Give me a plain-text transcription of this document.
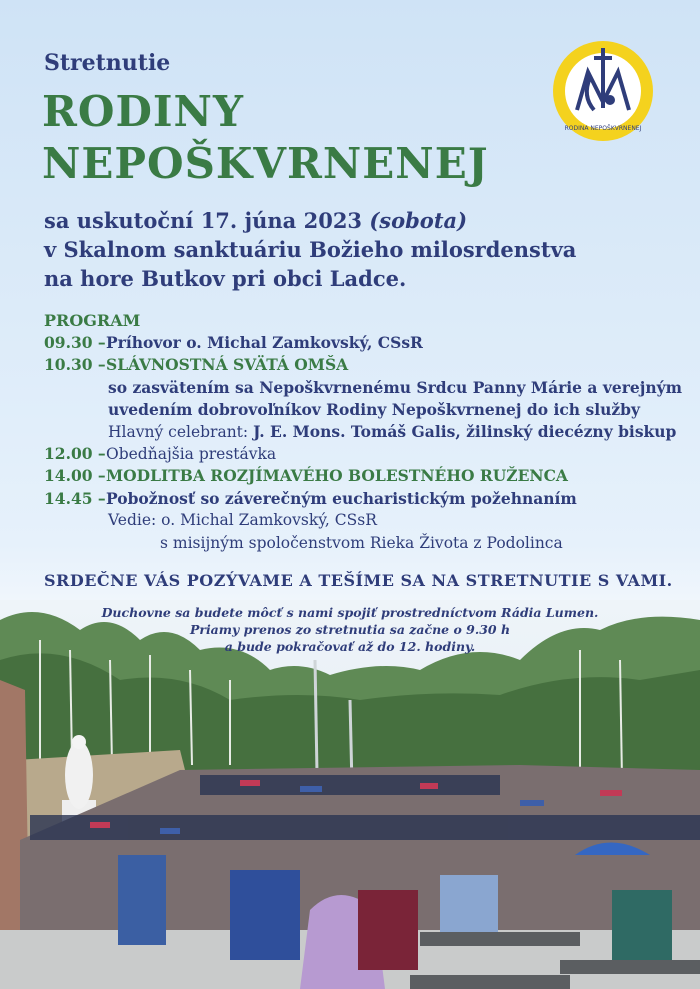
Stretnutie
RODINY
NEPOŠKVRNENEJ
RODINA NEPOŠKVRNENEJ
sa uskutoční 17. júna 2023 (sobota)
v Skalnom sanktuáriu Božieho milosrdenstva
na hore Butkov pri obci Ladce.
PROGRAM
09.30 –Príhovor o. Michal Zamkovský, CSsR
10.30 –SLÁVNOSTNÁ SVÄTÁ OMŠA
so zasvätením sa Nepoškvrnenému Srdcu Panny Márie a verejným
uvedením dobrovoľníkov Rodiny Nepoškvrnenej do ich služby
Hlavný celebrant: J. E. Mons. Tomáš Galis, žilinský diecézny biskup
12.00 –Obedňajšia prestávka
14.00 –MODLITBA ROZJÍMAVÉHO BOLESTNÉHO RUŽENCA
14.45 –Pobožnosť so záverečným eucharistickým požehnaním
Vedie: o. Michal Zamkovský, CSsR
s misijným spoločenstvom Rieka Života z Podolinca
SRDEČNE VÁS POZÝVAME A TEŠÍME SA NA STRETNUTIE S VAMI.
Duchovne sa budete môcť s nami spojiť prostredníctvom Rádia Lumen.
Priamy prenos zo stretnutia sa začne o 9.30 h
a bude pokračovať až do 12. hodiny.
